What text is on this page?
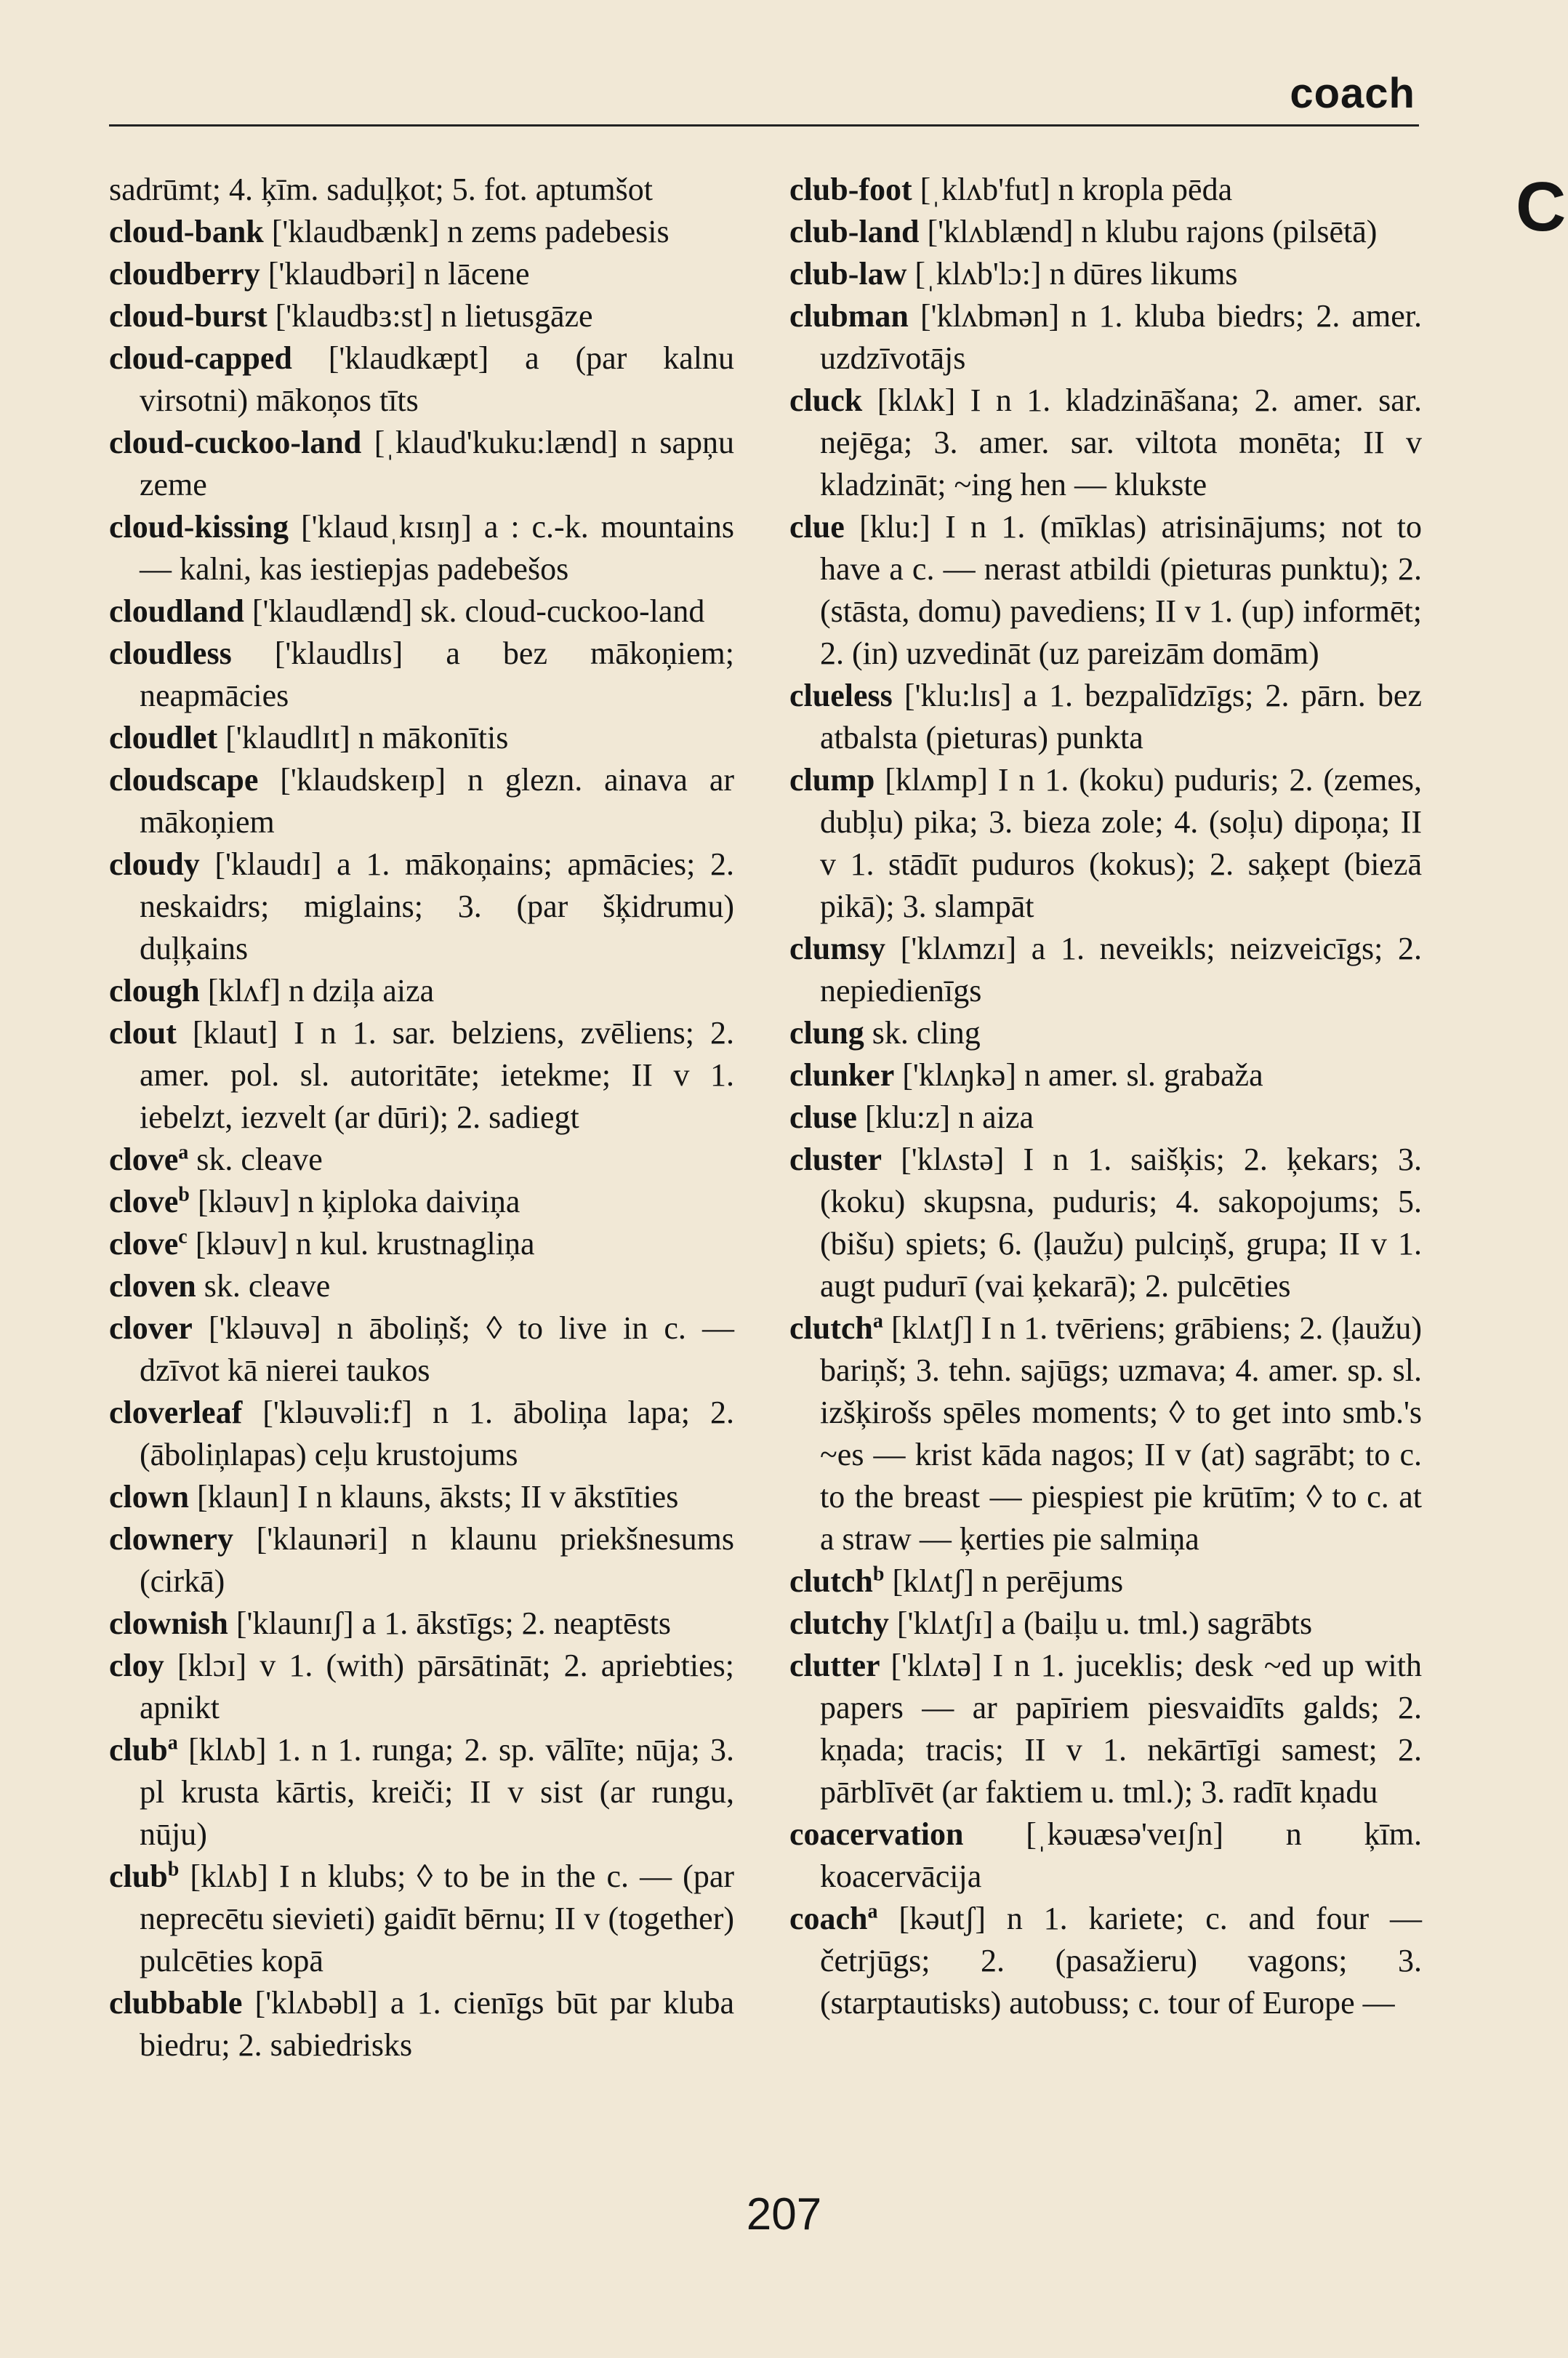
coach
C
sadrūmt; 4. ķīm. saduļķot; 5. fot. aptumšot
cloud-bank ['klaudbænk] n zems padebesis
cloudberry ['klaudbəri] n lācene
cloud-burst ['klaudbɜ:st] n lietusgāze
cloud-capped ['klaudkæpt] a (par kalnu virsotni) mākoņos tīts
cloud-cuckoo-land [ˌklaud'kuku:lænd] n sapņu zeme
cloud-kissing ['klaudˌkɪsɪŋ] a : c.-k. mountains — kalni, kas iestiepjas padebešos
cloudland ['klaudlænd] sk. cloud-cuckoo-land
cloudless ['klaudlɪs] a bez mākoņiem; neapmācies
cloudlet ['klaudlɪt] n mākonītis
cloudscape ['klaudskeɪp] n glezn. ainava ar mākoņiem
cloudy ['klaudɪ] a 1. mākoņains; apmācies; 2. neskaidrs; miglains; 3. (par šķidrumu) duļķains
clough [klʌf] n dziļa aiza
clout [klaut] I n 1. sar. belziens, zvēliens; 2. amer. pol. sl. autoritāte; ietekme; II v 1. iebelzt, iezvelt (ar dūri); 2. sadiegt
clove$^a$ sk. cleave
clove$^b$ [kləuv] n ķiploka daiviņa
clove$^c$ [kləuv] n kul. krustnagliņa
cloven sk. cleave
clover ['kləuvə] n āboliņš; ◊ to live in c. — dzīvot kā nierei taukos
cloverleaf ['kləuvəli:f] n 1. āboliņa lapa; 2. (āboliņlapas) ceļu krustojums
clown [klaun] I n klauns, āksts; II v ākstīties
clownery ['klaunəri] n klaunu priekšnesums (cirkā)
clownish ['klaunɪʃ] a 1. ākstīgs; 2. neaptēsts
cloy [klɔɪ] v 1. (with) pārsātināt; 2. apriebties; apnikt
club$^a$ [klʌb] 1. n 1. runga; 2. sp. vālīte; nūja; 3. pl krusta kārtis, kreiči; II v sist (ar rungu, nūju)
club$^b$ [klʌb] I n klubs; ◊ to be in the c. — (par neprecētu sievieti) gaidīt bērnu; II v (together) pulcēties kopā
clubbable ['klʌbəbl] a 1. cienīgs būt par kluba biedru; 2. sabiedrisks
club-foot [ˌklʌb'fut] n kropla pēda
club-land ['klʌblænd] n klubu rajons (pilsētā)
club-law [ˌklʌb'lɔ:] n dūres likums
clubman ['klʌbmən] n 1. kluba biedrs; 2. amer. uzdzīvotājs
cluck [klʌk] I n 1. kladzināšana; 2. amer. sar. nejēga; 3. amer. sar. viltota monēta; II v kladzināt; ~ing hen — klukste
clue [klu:] I n 1. (mīklas) atrisinājums; not to have a c. — nerast atbildi (pieturas punktu); 2. (stāsta, domu) pavediens; II v 1. (up) informēt; 2. (in) uzvedināt (uz pareizām domām)
clueless ['klu:lɪs] a 1. bezpalīdzīgs; 2. pārn. bez atbalsta (pieturas) punkta
clump [klʌmp] I n 1. (koku) puduris; 2. (zemes, dubļu) pika; 3. bieza zole; 4. (soļu) dipoņa; II v 1. stādīt puduros (kokus); 2. saķept (biezā pikā); 3. slampāt
clumsy ['klʌmzɪ] a 1. neveikls; neizveicīgs; 2. nepiedienīgs
clung sk. cling
clunker ['klʌŋkə] n amer. sl. grabaža
cluse [klu:z] n aiza
cluster ['klʌstə] I n 1. saišķis; 2. ķekars; 3. (koku) skupsna, puduris; 4. sakopojums; 5. (bišu) spiets; 6. (ļaužu) pulciņš, grupa; II v 1. augt pudurī (vai ķekarā); 2. pulcēties
clutch$^a$ [klʌtʃ] I n 1. tvēriens; grābiens; 2. (ļaužu) bariņš; 3. tehn. sajūgs; uzmava; 4. amer. sp. sl. izšķirošs spēles moments; ◊ to get into smb.'s ~es — krist kāda nagos; II v (at) sagrābt; to c. to the breast — piespiest pie krūtīm; ◊ to c. at a straw — ķerties pie salmiņa
clutch$^b$ [klʌtʃ] n perējums
clutchy ['klʌtʃɪ] a (baiļu u. tml.) sagrābts
clutter ['klʌtə] I n 1. juceklis; desk ~ed up with papers — ar papīriem piesvaidīts galds; 2. kņada; tracis; II v 1. nekārtīgi samest; 2. pārblīvēt (ar faktiem u. tml.); 3. radīt kņadu
coacervation [ˌkəuæsə'veɪʃn] n ķīm. koacervācija
coach$^a$ [kəutʃ] n 1. kariete; c. and four — četrjūgs; 2. (pasažieru) vagons; 3. (starptautisks) autobuss; c. tour of Europe —
207
